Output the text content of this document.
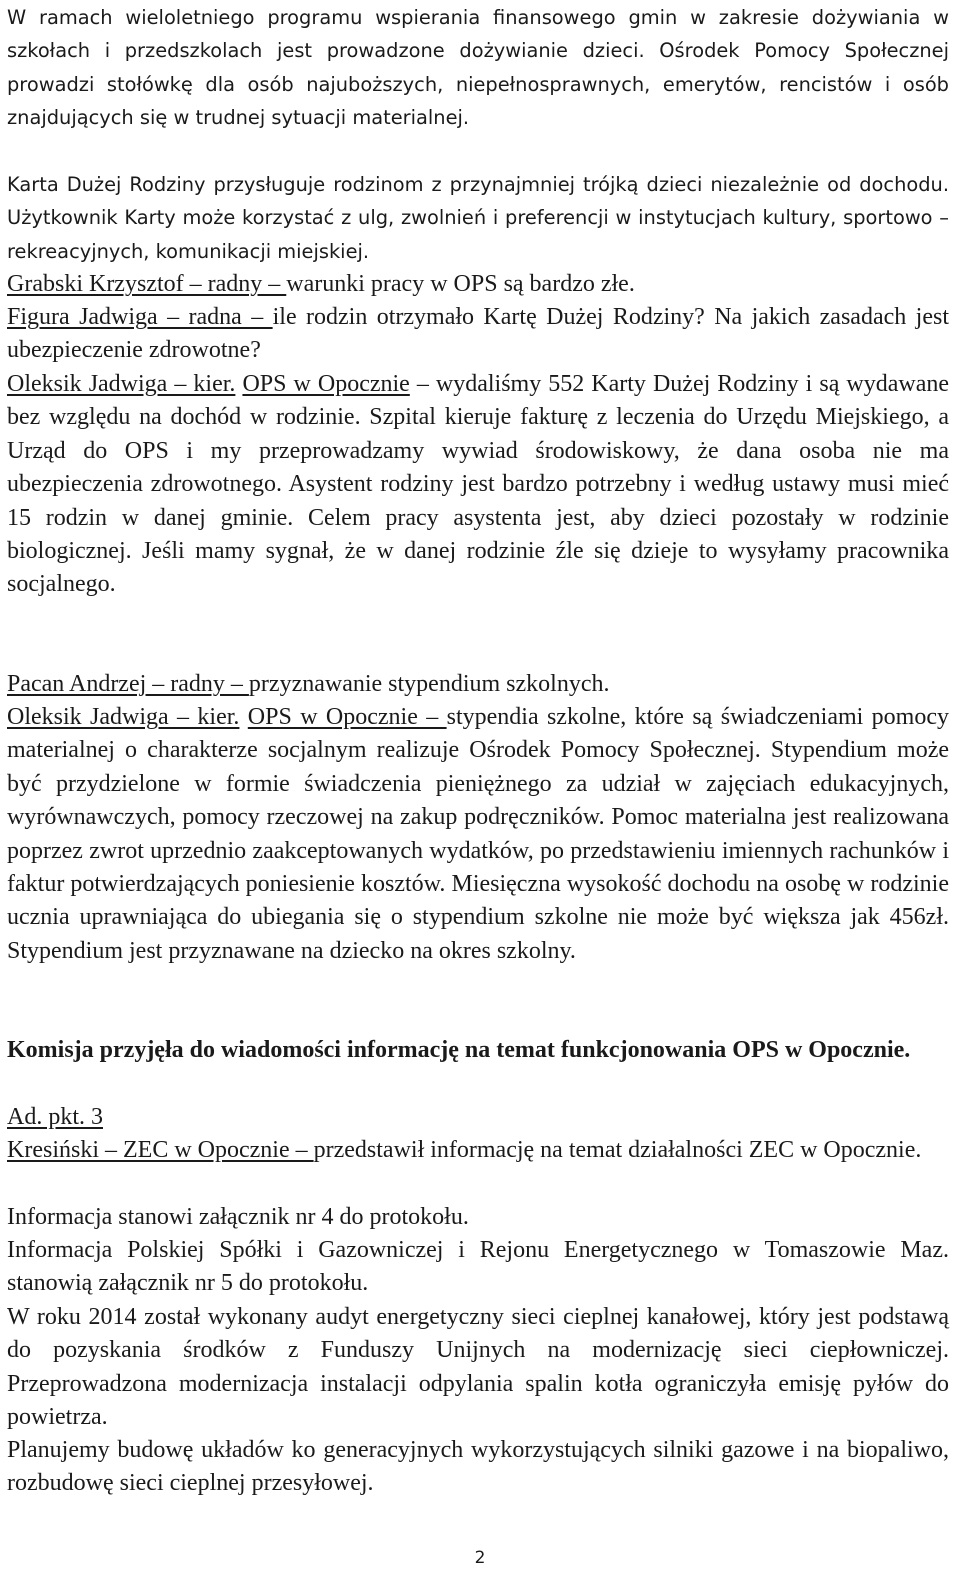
W ramach wieloletniego programu wspierania finansowego gmin w zakresie dożywiania w szkołach i przedszkolach jest prowadzone dożywianie dzieci. Ośrodek Pomocy Społecznej prowadzi stołówkę dla osób najuboższych, niepełnosprawnych, emerytów, rencistów i osób znajdujących się w trudnej sytuacji materialnej.

Karta Dużej Rodziny przysługuje rodzinom z przynajmniej trójką dzieci niezależnie od dochodu. Użytkownik Karty może korzystać z ulg, zwolnień i preferencji w instytucjach kultury, sportowo –rekreacyjnych, komunikacji miejskiej.

Grabski Krzysztof – radny – warunki pracy w OPS są bardzo złe.

Figura Jadwiga – radna – ile rodzin otrzymało Kartę Dużej Rodziny? Na jakich zasadach jest ubezpieczenie zdrowotne?

Oleksik Jadwiga – kier. OPS w Opocznie – wydaliśmy 552 Karty Dużej Rodziny i są wydawane bez względu na dochód w rodzinie. Szpital kieruje fakturę z leczenia do Urzędu Miejskiego, a Urząd do OPS i my przeprowadzamy wywiad środowiskowy, że dana osoba nie ma ubezpieczenia zdrowotnego. Asystent rodziny jest bardzo potrzebny i według ustawy musi mieć 15 rodzin w danej gminie. Celem pracy asystenta jest, aby dzieci pozostały w rodzinie biologicznej. Jeśli mamy sygnał, że w danej rodzinie źle się dzieje to wysyłamy pracownika socjalnego.

Pacan Andrzej – radny – przyznawanie stypendium szkolnych.

Oleksik Jadwiga – kier. OPS w Opocznie – stypendia szkolne, które są świadczeniami pomocy materialnej o charakterze socjalnym realizuje Ośrodek Pomocy Społecznej. Stypendium może być przydzielone w formie świadczenia pieniężnego za udział w zajęciach edukacyjnych, wyrównawczych, pomocy rzeczowej na zakup podręczników. Pomoc materialna jest realizowana poprzez zwrot uprzednio zaakceptowanych wydatków, po przedstawieniu imiennych rachunków i faktur potwierdzających poniesienie kosztów. Miesięczna wysokość dochodu na osobę w rodzinie ucznia uprawniająca do ubiegania się o stypendium szkolne nie może być większa jak 456zł. Stypendium jest przyznawane na dziecko na okres szkolny.

Komisja przyjęła do wiadomości informację na temat funkcjonowania OPS w Opocznie.

Ad. pkt. 3

Kresiński – ZEC w Opocznie – przedstawił informację na temat działalności ZEC w Opocznie.

Informacja stanowi załącznik nr 4 do protokołu.

Informacja Polskiej Spółki i Gazowniczej i Rejonu Energetycznego w Tomaszowie Maz. stanowią załącznik nr 5 do protokołu.

W roku 2014 został wykonany audyt energetyczny sieci cieplnej kanałowej, który jest podstawą do pozyskania środków z Funduszy Unijnych na modernizację sieci ciepłowniczej. Przeprowadzona modernizacja instalacji odpylania spalin kotła ograniczyła emisję pyłów do powietrza.

Planujemy budowę układów ko generacyjnych wykorzystujących silniki gazowe i na biopaliwo, rozbudowę sieci cieplnej przesyłowej.

2
